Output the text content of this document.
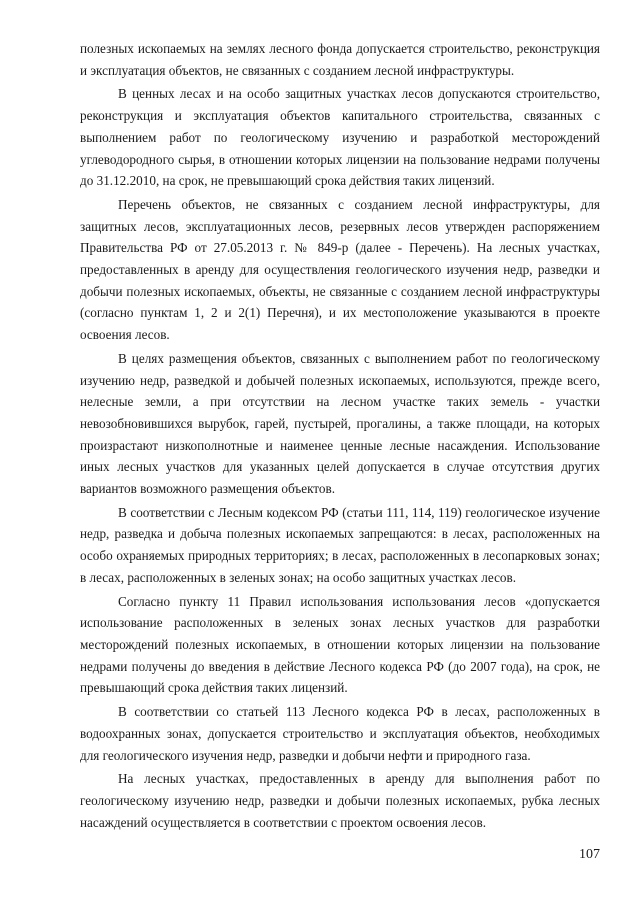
полезных ископаемых на землях лесного фонда допускается строительство, реконструкция и эксплуатация объектов, не связанных с созданием лесной инфраструктуры.

В ценных лесах и на особо защитных участках лесов допускаются строительство, реконструкция и эксплуатация объектов капитального строительства, связанных с выполнением работ по геологическому изучению и разработкой месторождений углеводородного сырья, в отношении которых лицензии на пользование недрами получены до 31.12.2010, на срок, не превышающий срока действия таких лицензий.

Перечень объектов, не связанных с созданием лесной инфраструктуры, для защитных лесов, эксплуатационных лесов, резервных лесов утвержден распоряжением Правительства РФ от 27.05.2013 г. № 849-р (далее - Перечень). На лесных участках, предоставленных в аренду для осуществления геологического изучения недр, разведки и добычи полезных ископаемых, объекты, не связанные с созданием лесной инфраструктуры (согласно пунктам 1, 2 и 2(1) Перечня), и их местоположение указываются в проекте освоения лесов.

В целях размещения объектов, связанных с выполнением работ по геологическому изучению недр, разведкой и добычей полезных ископаемых, используются, прежде всего, нелесные земли, а при отсутствии на лесном участке таких земель - участки невозобновившихся вырубок, гарей, пустырей, прогалины, а также площади, на которых произрастают низкополнотные и наименее ценные лесные насаждения. Использование иных лесных участков для указанных целей допускается в случае отсутствия других вариантов возможного размещения объектов.

В соответствии с Лесным кодексом РФ (статьи 111, 114, 119) геологическое изучение недр, разведка и добыча полезных ископаемых запрещаются: в лесах, расположенных на особо охраняемых природных территориях; в лесах, расположенных в лесопарковых зонах; в лесах, расположенных в зеленых зонах; на особо защитных участках лесов.

Согласно пункту 11 Правил использования использования лесов «допускается использование расположенных в зеленых зонах лесных участков для разработки месторождений полезных ископаемых, в отношении которых лицензии на пользование недрами получены до введения в действие Лесного кодекса РФ (до 2007 года), на срок, не превышающий срока действия таких лицензий.

В соответствии со статьей 113 Лесного кодекса РФ в лесах, расположенных в водоохранных зонах, допускается строительство и эксплуатация объектов, необходимых для геологического изучения недр, разведки и добычи нефти и природного газа.

На лесных участках, предоставленных в аренду для выполнения работ по геологическому изучению недр, разведки и добычи полезных ископаемых, рубка лесных насаждений осуществляется в соответствии с проектом освоения лесов.

107
